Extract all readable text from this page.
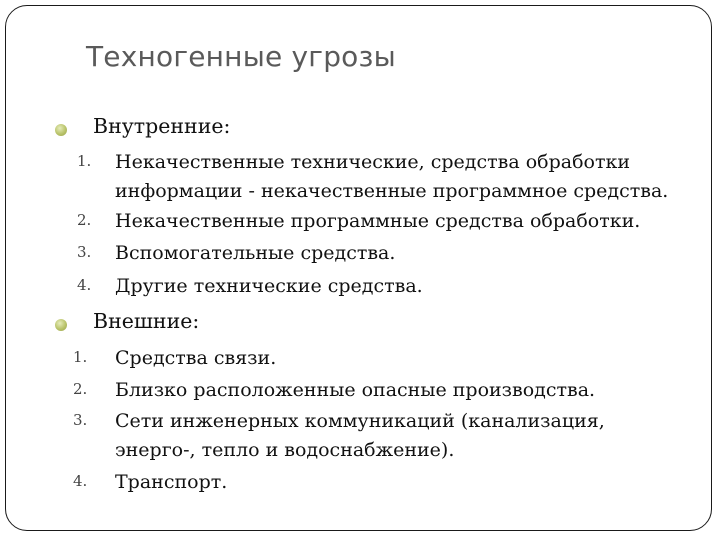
Техногенные угрозы
Внутренние:
1. Некачественные технические, средства обработки
информации - некачественные программное средства.
2. Некачественные программные средства обработки.
3. Вспомогательные средства.
4. Другие технические средства.
Внешние:
1. Средства связи.
2. Близко расположенные опасные производства.
3. Сети инженерных коммуникаций (канализация,
энерго-, тепло и водоснабжение).
4. Транспорт.
